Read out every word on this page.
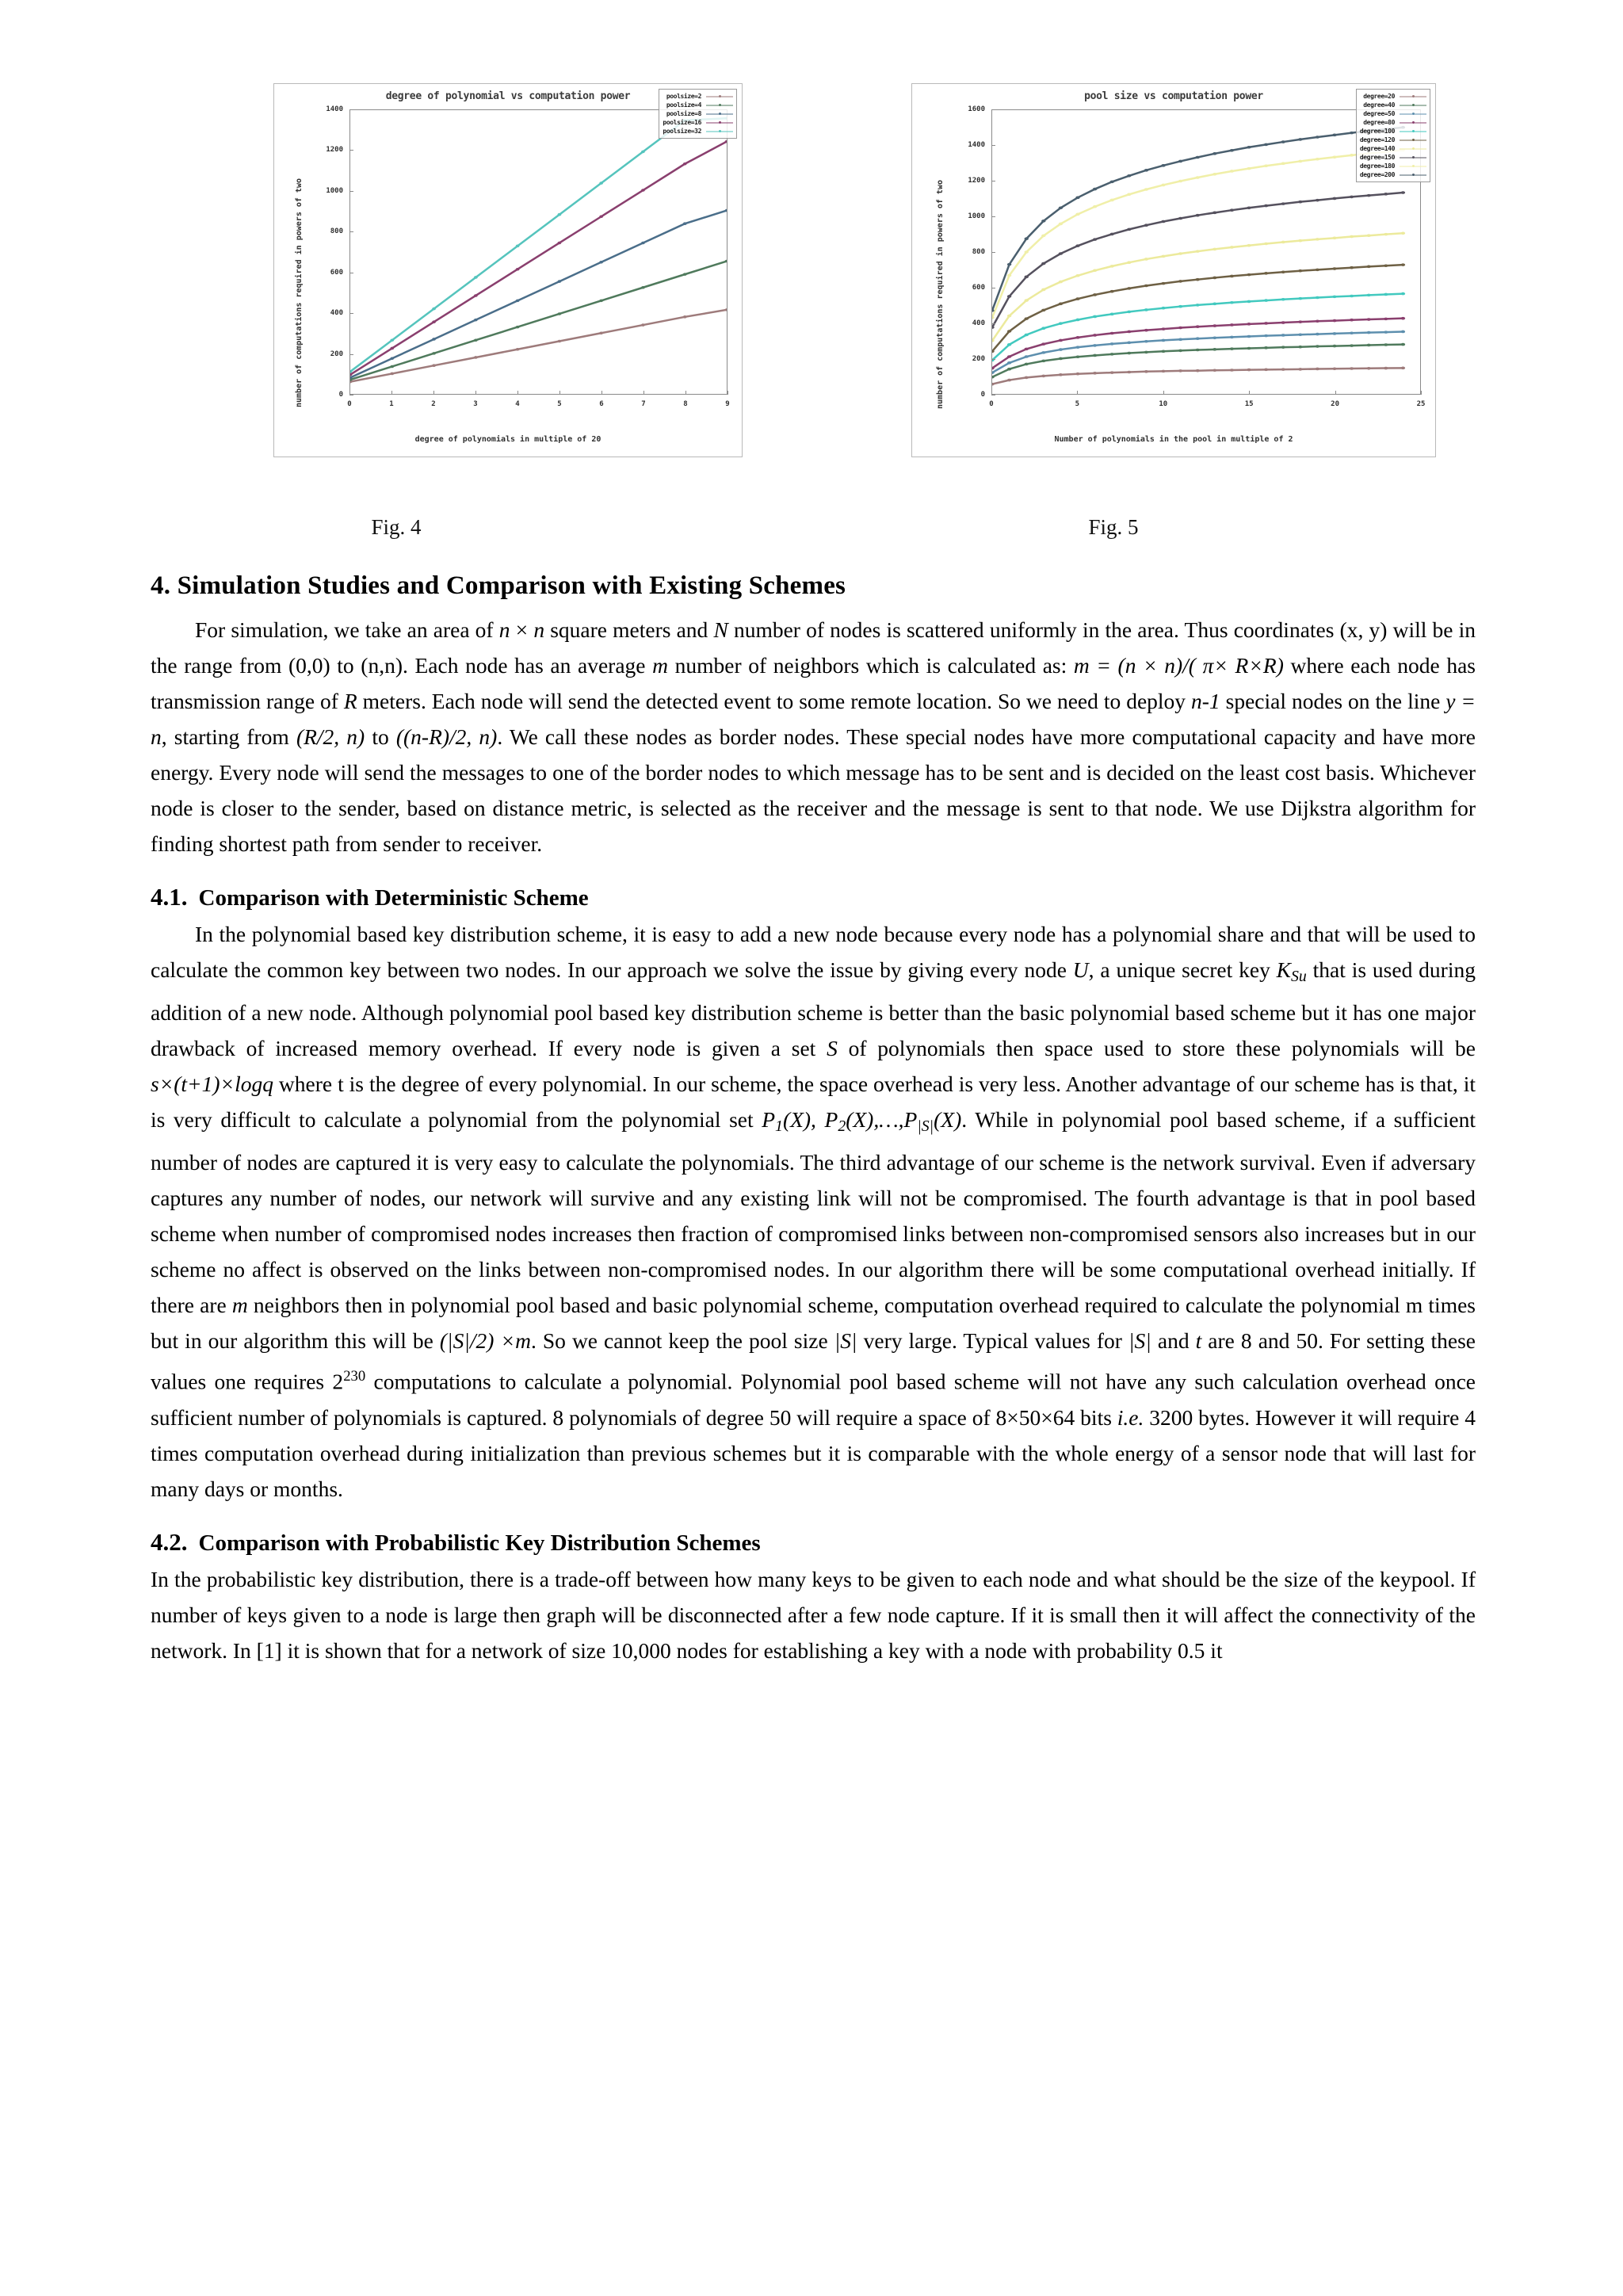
degree of polynomial vs computation power
number of computations required in powers of two
degree of polynomials in multiple of 20
0
200
400
600
800
1000
1200
1400
0	1	2	3	4	5	6	7	8	9
poolsize=2
poolsize=4
poolsize=8
poolsize=16
poolsize=32
pool size vs computation power
number of computations required in powers of two
Number of polynomials in the pool in multiple of 2
0
200
400
600
800
1000
1200
1400
1600
0	5	10	15	20	25
degree=20
degree=40
degree=50
degree=80
degree=100
degree=120
degree=140
degree=150
degree=180
degree=200
Fig. 4	Fig. 5
4. Simulation Studies and Comparison with Existing Schemes

For simulation, we take an area of n × n square meters and N number of nodes is scattered uniformly in the area. Thus coordinates (x, y) will be in the range from (0,0) to (n,n). Each node has an average m number of neighbors which is calculated as: m = (n × n)/( π× R×R) where each node has transmission range of R meters. Each node will send the detected event to some remote location. So we need to deploy n-1 special nodes on the line y = n, starting from (R/2, n) to ((n-R)/2, n). We call these nodes as border nodes. These special nodes have more computational capacity and have more energy. Every node will send the messages to one of the border nodes to which message has to be sent and is decided on the least cost basis. Whichever node is closer to the sender, based on distance metric, is selected as the receiver and the message is sent to that node. We use Dijkstra algorithm for finding shortest path from sender to receiver.

4.1. Comparison with Deterministic Scheme

In the polynomial based key distribution scheme, it is easy to add a new node because every node has a polynomial share and that will be used to calculate the common key between two nodes. In our approach we solve the issue by giving every node U, a unique secret key $K_{Su}$ that is used during addition of a new node. Although polynomial pool based key distribution scheme is better than the basic polynomial based scheme but it has one major drawback of increased memory overhead. If every node is given a set S of polynomials then space used to store these polynomials will be s×(t+1)×logq where t is the degree of every polynomial. In our scheme, the space overhead is very less. Another advantage of our scheme has is that, it is very difficult to calculate a polynomial from the polynomial set $P_1(X)$, $P_2(X),\dots,P_{|S|}(X)$. While in polynomial pool based scheme, if a sufficient number of nodes are captured it is very easy to calculate the polynomials. The third advantage of our scheme is the network survival. Even if adversary captures any number of nodes, our network will survive and any existing link will not be compromised. The fourth advantage is that in pool based scheme when number of compromised nodes increases then fraction of compromised links between non-compromised sensors also increases but in our scheme no affect is observed on the links between non-compromised nodes. In our algorithm there will be some computational overhead initially. If there are m neighbors then in polynomial pool based and basic polynomial scheme, computation overhead required to calculate the polynomial m times but in our algorithm this will be (|S|/2) ×m. So we cannot keep the pool size |S| very large. Typical values for |S| and t are 8 and 50. For setting these values one requires $2^{230}$ computations to calculate a polynomial. Polynomial pool based scheme will not have any such calculation overhead once sufficient number of polynomials is captured. 8 polynomials of degree 50 will require a space of 8×50×64 bits i.e. 3200 bytes. However it will require 4 times computation overhead during initialization than previous schemes but it is comparable with the whole energy of a sensor node that will last for many days or months.

4.2. Comparison with Probabilistic Key Distribution Schemes

In the probabilistic key distribution, there is a trade-off between how many keys to be given to each node and what should be the size of the keypool. If number of keys given to a node is large then graph will be disconnected after a few node capture. If it is small then it will affect the connectivity of the network. In [1] it is shown that for a network of size 10,000 nodes for establishing a key with a node with probability 0.5 it
